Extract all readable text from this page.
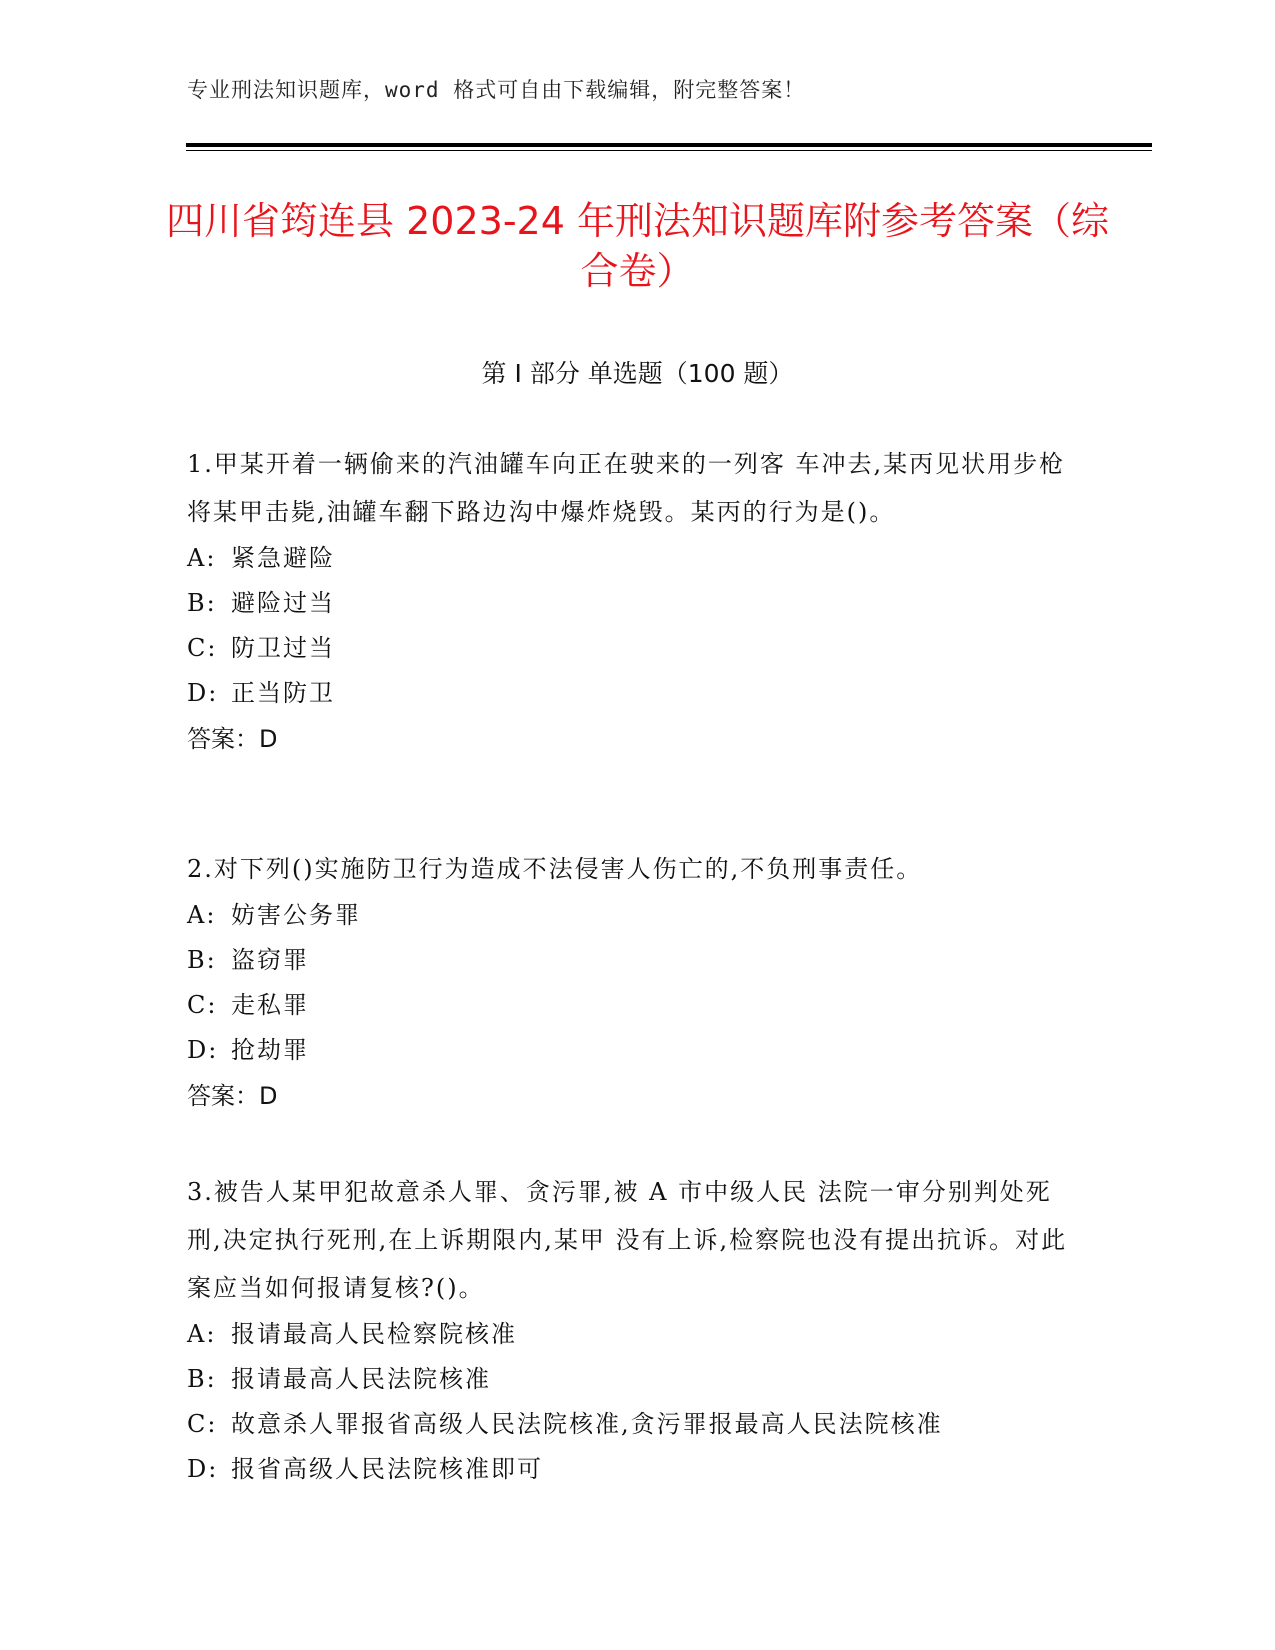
专业刑法知识题库，word 格式可自由下载编辑，附完整答案！
四川省筠连县 2023-24 年刑法知识题库附参考答案（综合卷）
第 I 部分 单选题（100 题）

1.甲某开着一辆偷来的汽油罐车向正在驶来的一列客 车冲去,某丙见状用步枪将某甲击毙,油罐车翻下路边沟中爆炸烧毁。某丙的行为是()。

A: 紧急避险

B: 避险过当

C: 防卫过当

D: 正当防卫

答案：D

2.对下列()实施防卫行为造成不法侵害人伤亡的,不负刑事责任。

A: 妨害公务罪

B: 盗窃罪

C: 走私罪

D: 抢劫罪

答案：D

3.被告人某甲犯故意杀人罪、贪污罪,被 A 市中级人民 法院一审分别判处死刑,决定执行死刑,在上诉期限内,某甲 没有上诉,检察院也没有提出抗诉。对此案应当如何报请复核?()。

A: 报请最高人民检察院核准

B: 报请最高人民法院核准

C: 故意杀人罪报省高级人民法院核准,贪污罪报最高人民法院核准

D: 报省高级人民法院核准即可
